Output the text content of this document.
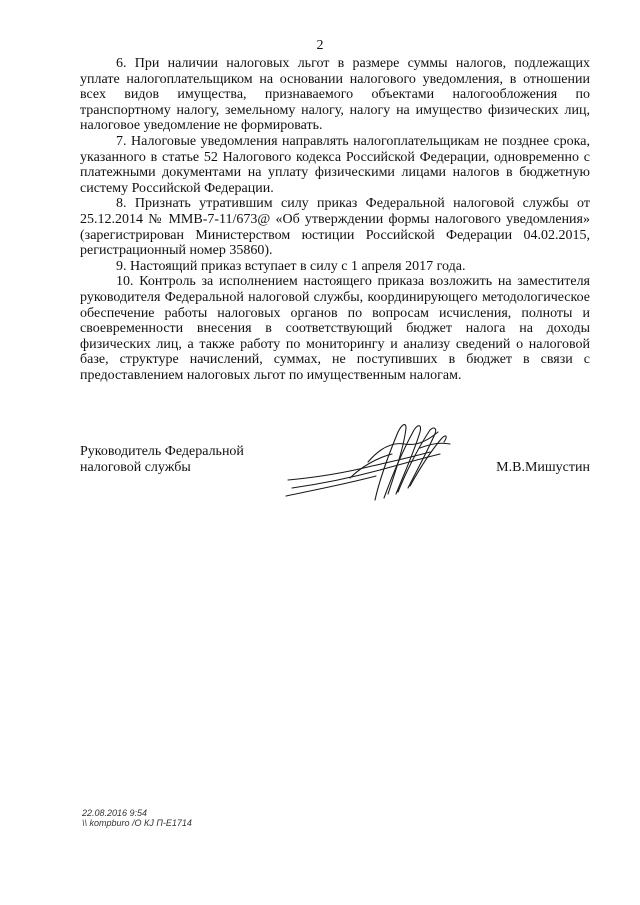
2

6. При наличии налоговых льгот в размере суммы налогов, подлежащих уплате налогоплательщиком на основании налогового уведомления, в отношении всех видов имущества, признаваемого объектами налогообложения по транспортному налогу, земельному налогу, налогу на имущество физических лиц, налоговое уведомление не формировать.

7. Налоговые уведомления направлять налогоплательщикам не позднее срока, указанного в статье 52 Налогового кодекса Российской Федерации, одновременно с платежными документами на уплату физическими лицами налогов в бюджетную систему Российской Федерации.

8. Признать утратившим силу приказ Федеральной налоговой службы от 25.12.2014 № ММВ-7-11/673@ «Об утверждении формы налогового уведомления» (зарегистрирован Министерством юстиции Российской Федерации 04.02.2015, регистрационный номер 35860).

9. Настоящий приказ вступает в силу с 1 апреля 2017 года.

10. Контроль за исполнением настоящего приказа возложить на заместителя руководителя Федеральной налоговой службы, координирующего методологическое обеспечение работы налоговых органов по вопросам исчисления, полноты и своевременности внесения в соответствующий бюджет налога на доходы физических лиц, а также работу по мониторингу и анализу сведений о налоговой базе, структуре начислений, суммах, не поступивших в бюджет в связи с предоставлением налоговых льгот по имущественным налогам.

Руководитель Федеральной
налоговой службы	М.В.Мишустин
22.08.2016 9:54
\\ kompburo /О КЈ П-Е1714
